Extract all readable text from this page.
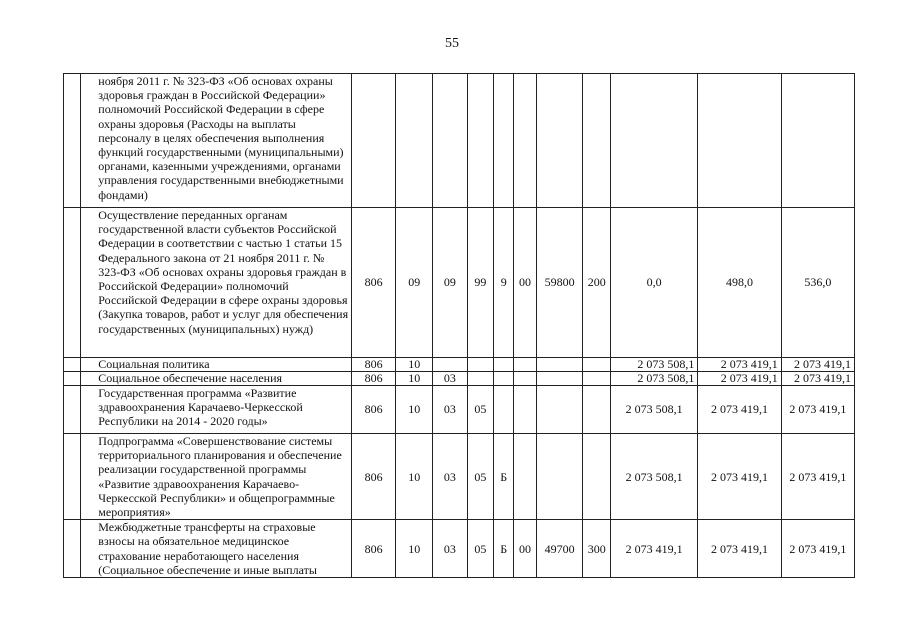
55
	ноября 2011 г. № 323-ФЗ «Об основах охраны здоровья граждан в Российской Федерации» полномочий Российской Федерации в сфере охраны здоровья (Расходы на выплаты персоналу в целях обеспечения выполнения функций государственными (муниципальными) органами, казенными учреждениями, органами управления государственными внебюджетными фондами)											
	Осуществление переданных органам государственной власти субъектов Российской Федерации в соответствии с частью 1 статьи 15 Федерального закона от 21 ноября 2011 г. № 323-ФЗ «Об основах охраны здоровья граждан в Российской Федерации» полномочий Российской Федерации в сфере охраны здоровья (Закупка товаров, работ и услуг для обеспечения государственных (муниципальных) нужд)	806	09	09	99	9	00	59800	200	0,0	498,0	536,0
	Социальная политика	806	10							2 073 508,1	2 073 419,1	2 073 419,1
	Социальное обеспечение населения	806	10	03						2 073 508,1	2 073 419,1	2 073 419,1
	Государственная программа «Развитие здравоохранения Карачаево-Черкесской Республики на 2014 - 2020 годы»	806	10	03	05					2 073 508,1	2 073 419,1	2 073 419,1
	Подпрограмма «Совершенствование системы территориального планирования и обеспечение реализации государственной программы «Развитие здравоохранения Карачаево-Черкесской Республики» и общепрограммные мероприятия»	806	10	03	05	Б				2 073 508,1	2 073 419,1	2 073 419,1
	Межбюджетные трансферты на страховые взносы на обязательное медицинское страхование неработающего населения (Социальное обеспечение и иные выплаты	806	10	03	05	Б	00	49700	300	2 073 419,1	2 073 419,1	2 073 419,1
